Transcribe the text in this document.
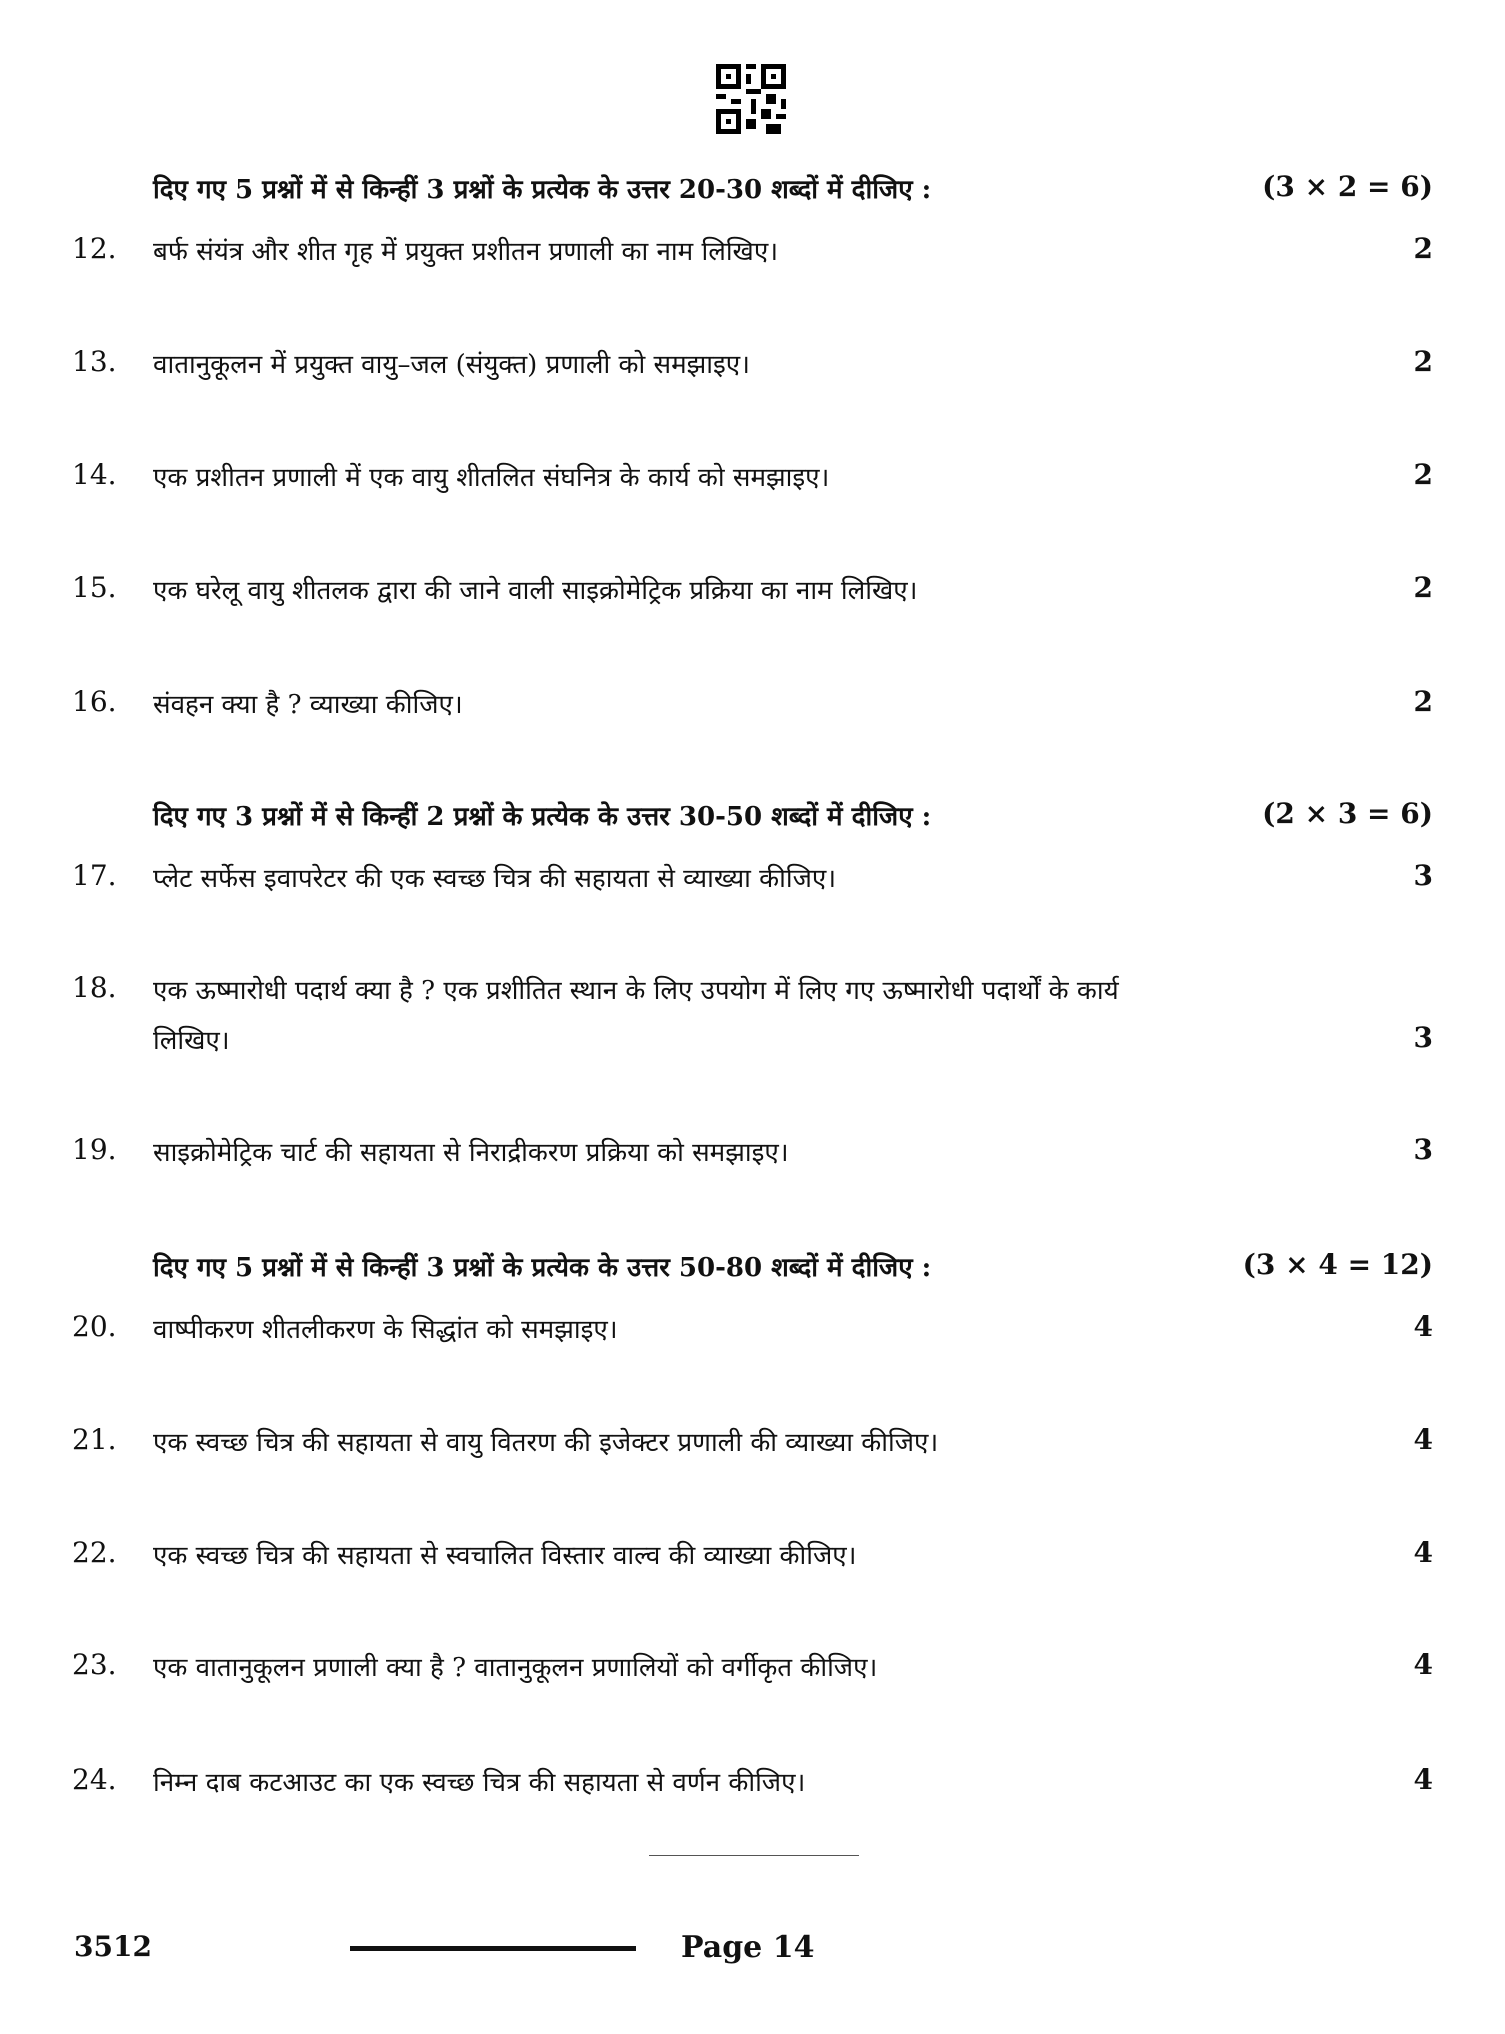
दिए गए 5 प्रश्नों में से किन्हीं 3 प्रश्नों के प्रत्येक के उत्तर 20-30 शब्दों में दीजिए :	(3 × 2 = 6)
12. बर्फ संयंत्र और शीत गृह में प्रयुक्त प्रशीतन प्रणाली का नाम लिखिए।	2
13. वातानुकूलन में प्रयुक्त वायु–जल (संयुक्त) प्रणाली को समझाइए।	2
14. एक प्रशीतन प्रणाली में एक वायु शीतलित संघनित्र के कार्य को समझाइए।	2
15. एक घरेलू वायु शीतलक द्वारा की जाने वाली साइक्रोमेट्रिक प्रक्रिया का नाम लिखिए।	2
16. संवहन क्या है ? व्याख्या कीजिए।	2
दिए गए 3 प्रश्नों में से किन्हीं 2 प्रश्नों के प्रत्येक के उत्तर 30-50 शब्दों में दीजिए :	(2 × 3 = 6)
17. प्लेट सर्फेस इवापरेटर की एक स्वच्छ चित्र की सहायता से व्याख्या कीजिए।	3
18. एक ऊष्मारोधी पदार्थ क्या है ? एक प्रशीतित स्थान के लिए उपयोग में लिए गए ऊष्मारोधी पदार्थों के कार्य
लिखिए।	3
19. साइक्रोमेट्रिक चार्ट की सहायता से निराद्रीकरण प्रक्रिया को समझाइए।	3
दिए गए 5 प्रश्नों में से किन्हीं 3 प्रश्नों के प्रत्येक के उत्तर 50-80 शब्दों में दीजिए :	(3 × 4 = 12)
20. वाष्पीकरण शीतलीकरण के सिद्धांत को समझाइए।	4
21. एक स्वच्छ चित्र की सहायता से वायु वितरण की इजेक्टर प्रणाली की व्याख्या कीजिए।	4
22. एक स्वच्छ चित्र की सहायता से स्वचालित विस्तार वाल्व की व्याख्या कीजिए।	4
23. एक वातानुकूलन प्रणाली क्या है ? वातानुकूलन प्रणालियों को वर्गीकृत कीजिए।	4
24. निम्न दाब कटआउट का एक स्वच्छ चित्र की सहायता से वर्णन कीजिए।	4
3512	Page 14
